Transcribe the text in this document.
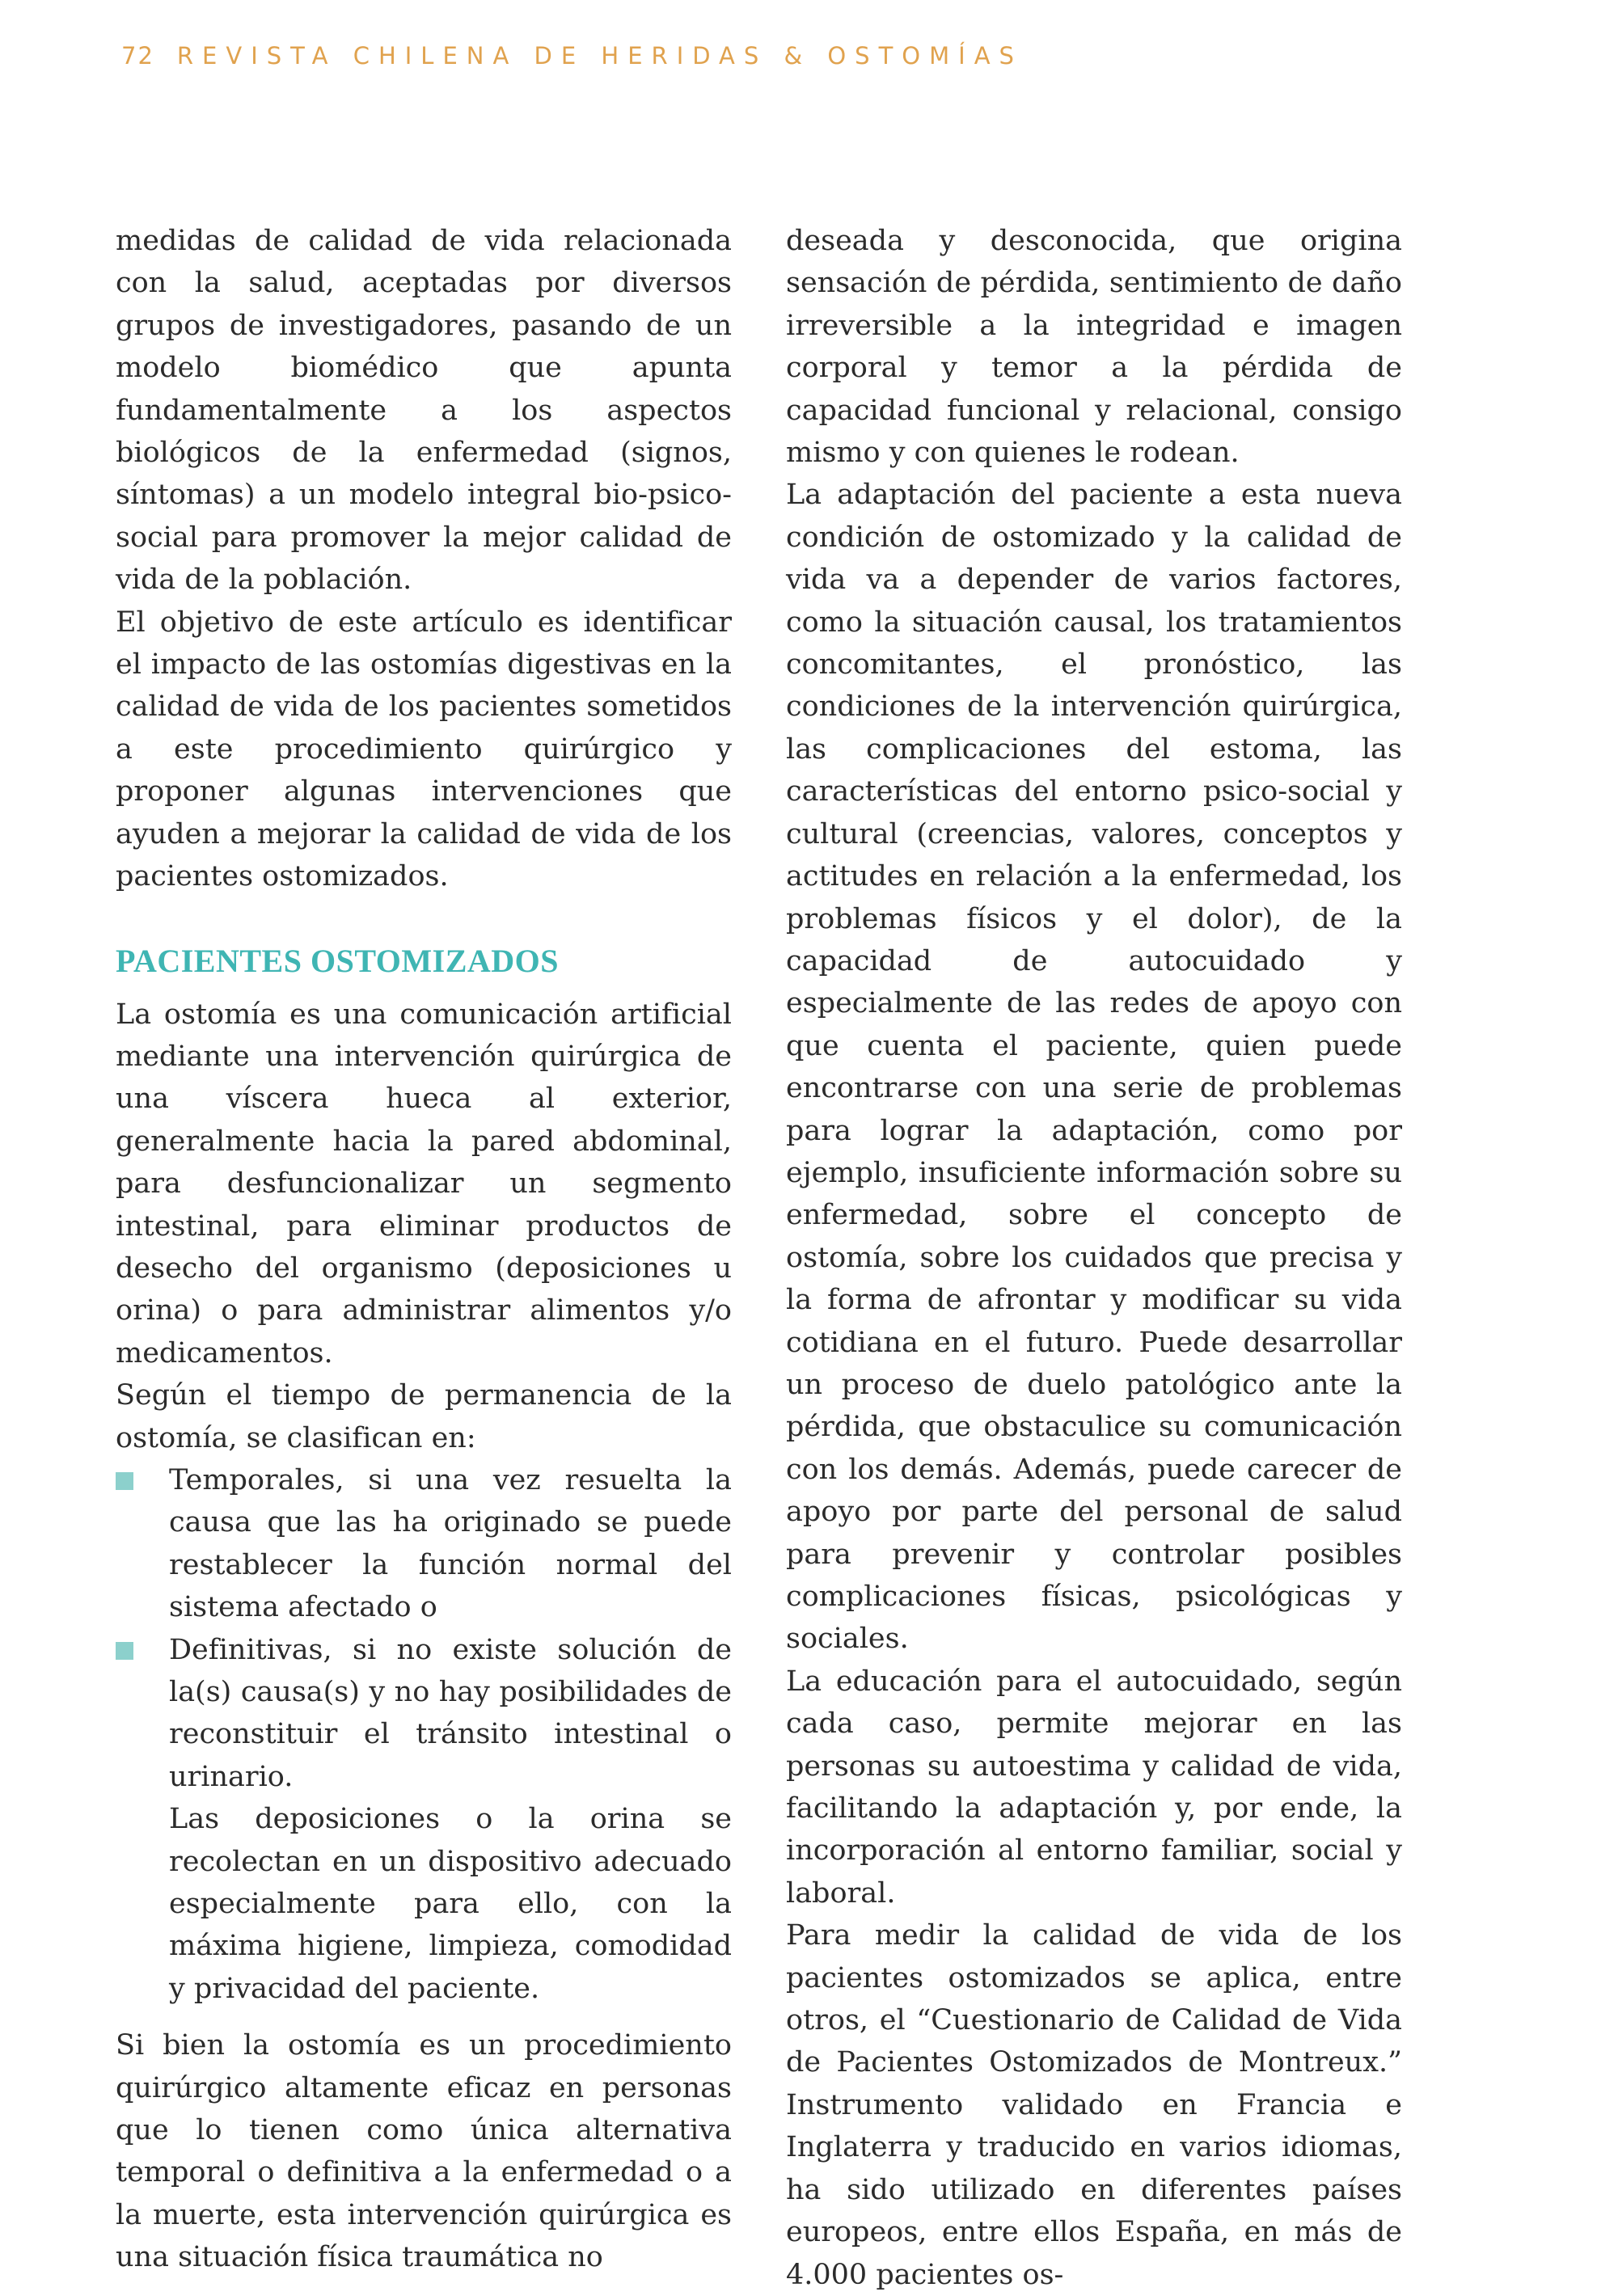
72 REVISTA CHILENA DE HERIDAS & OSTOMÍAS

medidas de calidad de vida relacionada con la salud, aceptadas por diversos grupos de investigadores, pasando de un modelo biomédico que apunta fundamentalmente a los aspectos biológicos de la enfermedad (signos, síntomas) a un modelo integral bio-psico-social para promover la mejor calidad de vida de la población.

El objetivo de este artículo es identificar el impacto de las ostomías digestivas en la calidad de vida de los pacientes sometidos a este procedimiento quirúrgico y proponer algunas intervenciones que ayuden a mejorar la calidad de vida de los pacientes ostomizados.

PACIENTES OSTOMIZADOS

La ostomía es una comunicación artificial mediante una intervención quirúrgica de una víscera hueca al exterior, generalmente hacia la pared abdominal, para desfuncionalizar un segmento intestinal, para eliminar productos de desecho del organismo (deposiciones u orina) o para administrar alimentos y/o medicamentos.

Según el tiempo de permanencia de la ostomía, se clasifican en:

Temporales, si una vez resuelta la causa que las ha originado se puede restablecer la función normal del sistema afectado o
Definitivas, si no existe solución de la(s) causa(s) y no hay posibilidades de reconstituir el tránsito intestinal o urinario.

Las deposiciones o la orina se recolectan en un dispositivo adecuado especialmente para ello, con la máxima higiene, limpieza, comodidad y privacidad del paciente.

Si bien la ostomía es un procedimiento quirúrgico altamente eficaz en personas que lo tienen como única alternativa temporal o definitiva a la enfermedad o a la muerte, esta intervención quirúrgica es una situación física traumática no

deseada y desconocida, que origina sensación de pérdida, sentimiento de daño irreversible a la integridad e imagen corporal y temor a la pérdida de capacidad funcional y relacional, consigo mismo y con quienes le rodean.

La adaptación del paciente a esta nueva condición de ostomizado y la calidad de vida va a depender de varios factores, como la situación causal, los tratamientos concomitantes, el pronóstico, las condiciones de la intervención quirúrgica, las complicaciones del estoma, las características del entorno psico-social y cultural (creencias, valores, conceptos y actitudes en relación a la enfermedad, los problemas físicos y el dolor), de la capacidad de autocuidado y especialmente de las redes de apoyo con que cuenta el paciente, quien puede encontrarse con una serie de problemas para lograr la adaptación, como por ejemplo, insuficiente información sobre su enfermedad, sobre el concepto de ostomía, sobre los cuidados que precisa y la forma de afrontar y modificar su vida cotidiana en el futuro. Puede desarrollar un proceso de duelo patológico ante la pérdida, que obstaculice su comunicación con los demás. Además, puede carecer de apoyo por parte del personal de salud para prevenir y controlar posibles complicaciones físicas, psicológicas y sociales.

La educación para el autocuidado, según cada caso, permite mejorar en las personas su autoestima y calidad de vida, facilitando la adaptación y, por ende, la incorporación al entorno familiar, social y laboral.

Para medir la calidad de vida de los pacientes ostomizados se aplica, entre otros, el “Cuestionario de Calidad de Vida de Pacientes Ostomizados de Montreux.” Instrumento validado en Francia e Inglaterra y traducido en varios idiomas, ha sido utilizado en diferentes países europeos, entre ellos España, en más de 4.000 pacientes os-
